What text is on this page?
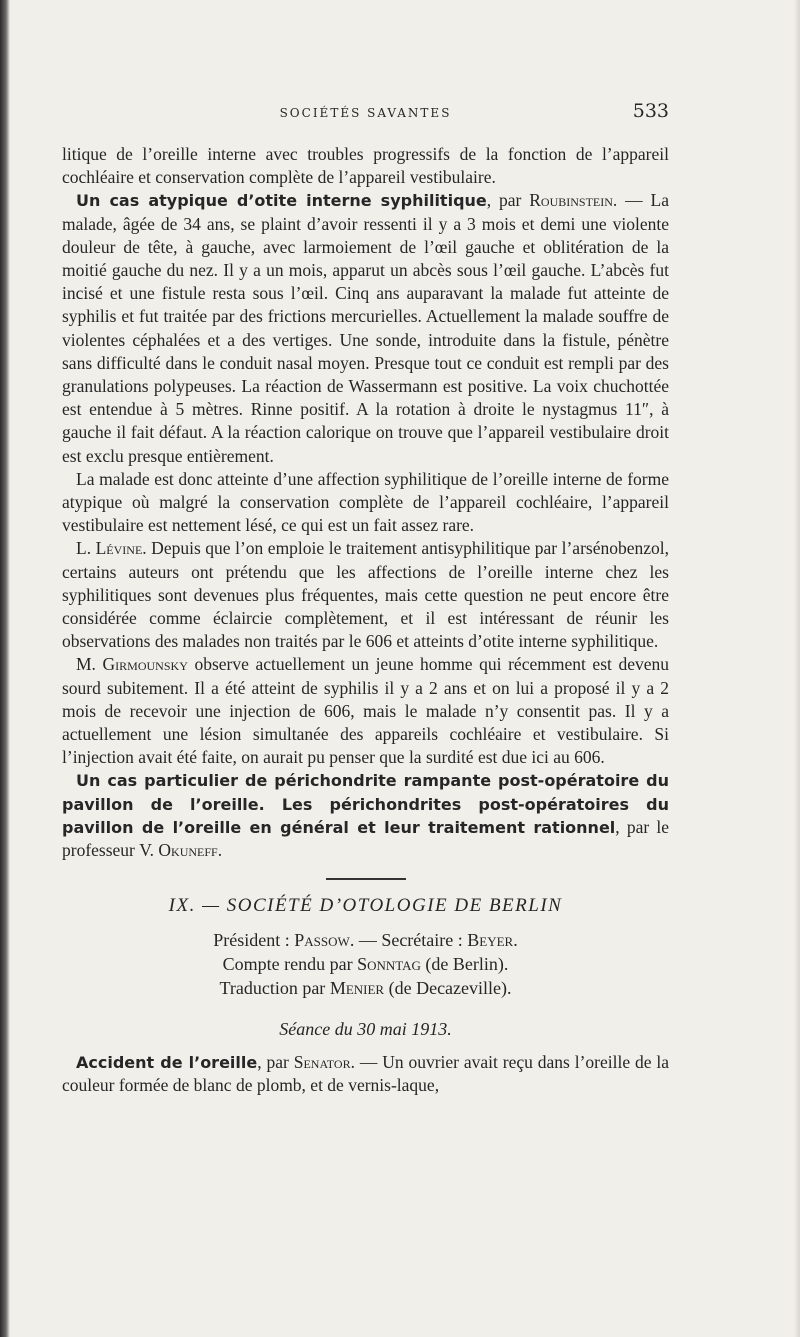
SOCIÉTÉS SAVANTES	533

litique de l’oreille interne avec troubles progressifs de la fonction de l’appareil cochléaire et conservation complète de l’appareil vestibulaire.

Un cas atypique d’otite interne syphilitique, par Roubinstein. — La malade, âgée de 34 ans, se plaint d’avoir ressenti il y a 3 mois et demi une violente douleur de tête, à gauche, avec larmoiement de l’œil gauche et oblitération de la moitié gauche du nez. Il y a un mois, apparut un abcès sous l’œil gauche. L’abcès fut incisé et une fistule resta sous l’œil. Cinq ans auparavant la malade fut atteinte de syphilis et fut traitée par des frictions mercurielles. Actuellement la malade souffre de violentes céphalées et a des vertiges. Une sonde, introduite dans la fistule, pénètre sans difficulté dans le conduit nasal moyen. Presque tout ce conduit est rempli par des granulations polypeuses. La réaction de Wassermann est positive. La voix chuchottée est entendue à 5 mètres. Rinne positif. A la rotation à droite le nystagmus 11″, à gauche il fait défaut. A la réaction calorique on trouve que l’appareil vestibulaire droit est exclu presque entièrement.

La malade est donc atteinte d’une affection syphilitique de l’oreille interne de forme atypique où malgré la conservation complète de l’appareil cochléaire, l’appareil vestibulaire est nettement lésé, ce qui est un fait assez rare.

L. Lévine. Depuis que l’on emploie le traitement antisyphilitique par l’arsénobenzol, certains auteurs ont prétendu que les affections de l’oreille interne chez les syphilitiques sont devenues plus fréquentes, mais cette question ne peut encore être considérée comme éclaircie complètement, et il est intéressant de réunir les observations des malades non traités par le 606 et atteints d’otite interne syphilitique.

M. Girmounsky observe actuellement un jeune homme qui récemment est devenu sourd subitement. Il a été atteint de syphilis il y a 2 ans et on lui a proposé il y a 2 mois de recevoir une injection de 606, mais le malade n’y consentit pas. Il y a actuellement une lésion simultanée des appareils cochléaire et vestibulaire. Si l’injection avait été faite, on aurait pu penser que la surdité est due ici au 606.

Un cas particulier de périchondrite rampante post-opératoire du pavillon de l’oreille. Les périchondrites post-opératoires du pavillon de l’oreille en général et leur traitement rationnel, par le professeur V. Okuneff.

IX. — SOCIÉTÉ D’OTOLOGIE DE BERLIN
Président : Passow. — Secrétaire : Beyer.
Compte rendu par Sonntag (de Berlin).
Traduction par Menier (de Decazeville).
Séance du 30 mai 1913.

Accident de l’oreille, par Senator. — Un ouvrier avait reçu dans l’oreille de la couleur formée de blanc de plomb, et de vernis-laque,
